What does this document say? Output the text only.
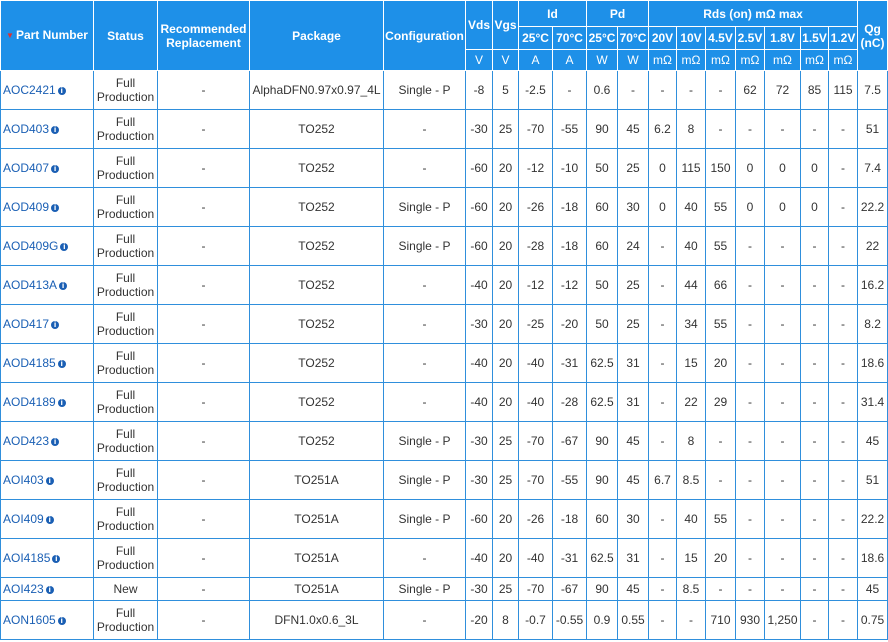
▼ Part Number	Status	Recommended Replacement	Package	Configuration	Vds	Vgs	Id		Pd		Rds (on) mΩ max							Qg (nC)
							25°C	70°C	25°C	70°C	20V	10V	4.5V	2.5V	1.8V	1.5V	1.2V	
					V	V	A	A	W	W	mΩ	mΩ	mΩ	mΩ	mΩ	mΩ	mΩ	
AOC2421 i	Full Production	-	AlphaDFN0.97x0.97_4L	Single - P	-8	5	-2.5	-	0.6	-	-	-	-	62	72	85	115	7.5
AOD403 i	Full Production	-	TO252	-	-30	25	-70	-55	90	45	6.2	8	-	-	-	-	-	51
AOD407 i	Full Production	-	TO252	-	-60	20	-12	-10	50	25	0	115	150	0	0	0	-	7.4
AOD409 i	Full Production	-	TO252	Single - P	-60	20	-26	-18	60	30	0	40	55	0	0	0	-	22.2
AOD409G i	Full Production	-	TO252	Single - P	-60	20	-28	-18	60	24	-	40	55	-	-	-	-	22
AOD413A i	Full Production	-	TO252	-	-40	20	-12	-12	50	25	-	44	66	-	-	-	-	16.2
AOD417 i	Full Production	-	TO252	-	-30	20	-25	-20	50	25	-	34	55	-	-	-	-	8.2
AOD4185 i	Full Production	-	TO252	-	-40	20	-40	-31	62.5	31	-	15	20	-	-	-	-	18.6
AOD4189 i	Full Production	-	TO252	-	-40	20	-40	-28	62.5	31	-	22	29	-	-	-	-	31.4
AOD423 i	Full Production	-	TO252	Single - P	-30	25	-70	-67	90	45	-	8	-	-	-	-	-	45
AOI403 i	Full Production	-	TO251A	Single - P	-30	25	-70	-55	90	45	6.7	8.5	-	-	-	-	-	51
AOI409 i	Full Production	-	TO251A	Single - P	-60	20	-26	-18	60	30	-	40	55	-	-	-	-	22.2
AOI4185 i	Full Production	-	TO251A	-	-40	20	-40	-31	62.5	31	-	15	20	-	-	-	-	18.6
AOI423 i	New	-	TO251A	Single - P	-30	25	-70	-67	90	45	-	8.5	-	-	-	-	-	45
AON1605 i	Full Production	-	DFN1.0x0.6_3L	-	-20	8	-0.7	-0.55	0.9	0.55	-	-	710	930	1,250	-	-	0.75
